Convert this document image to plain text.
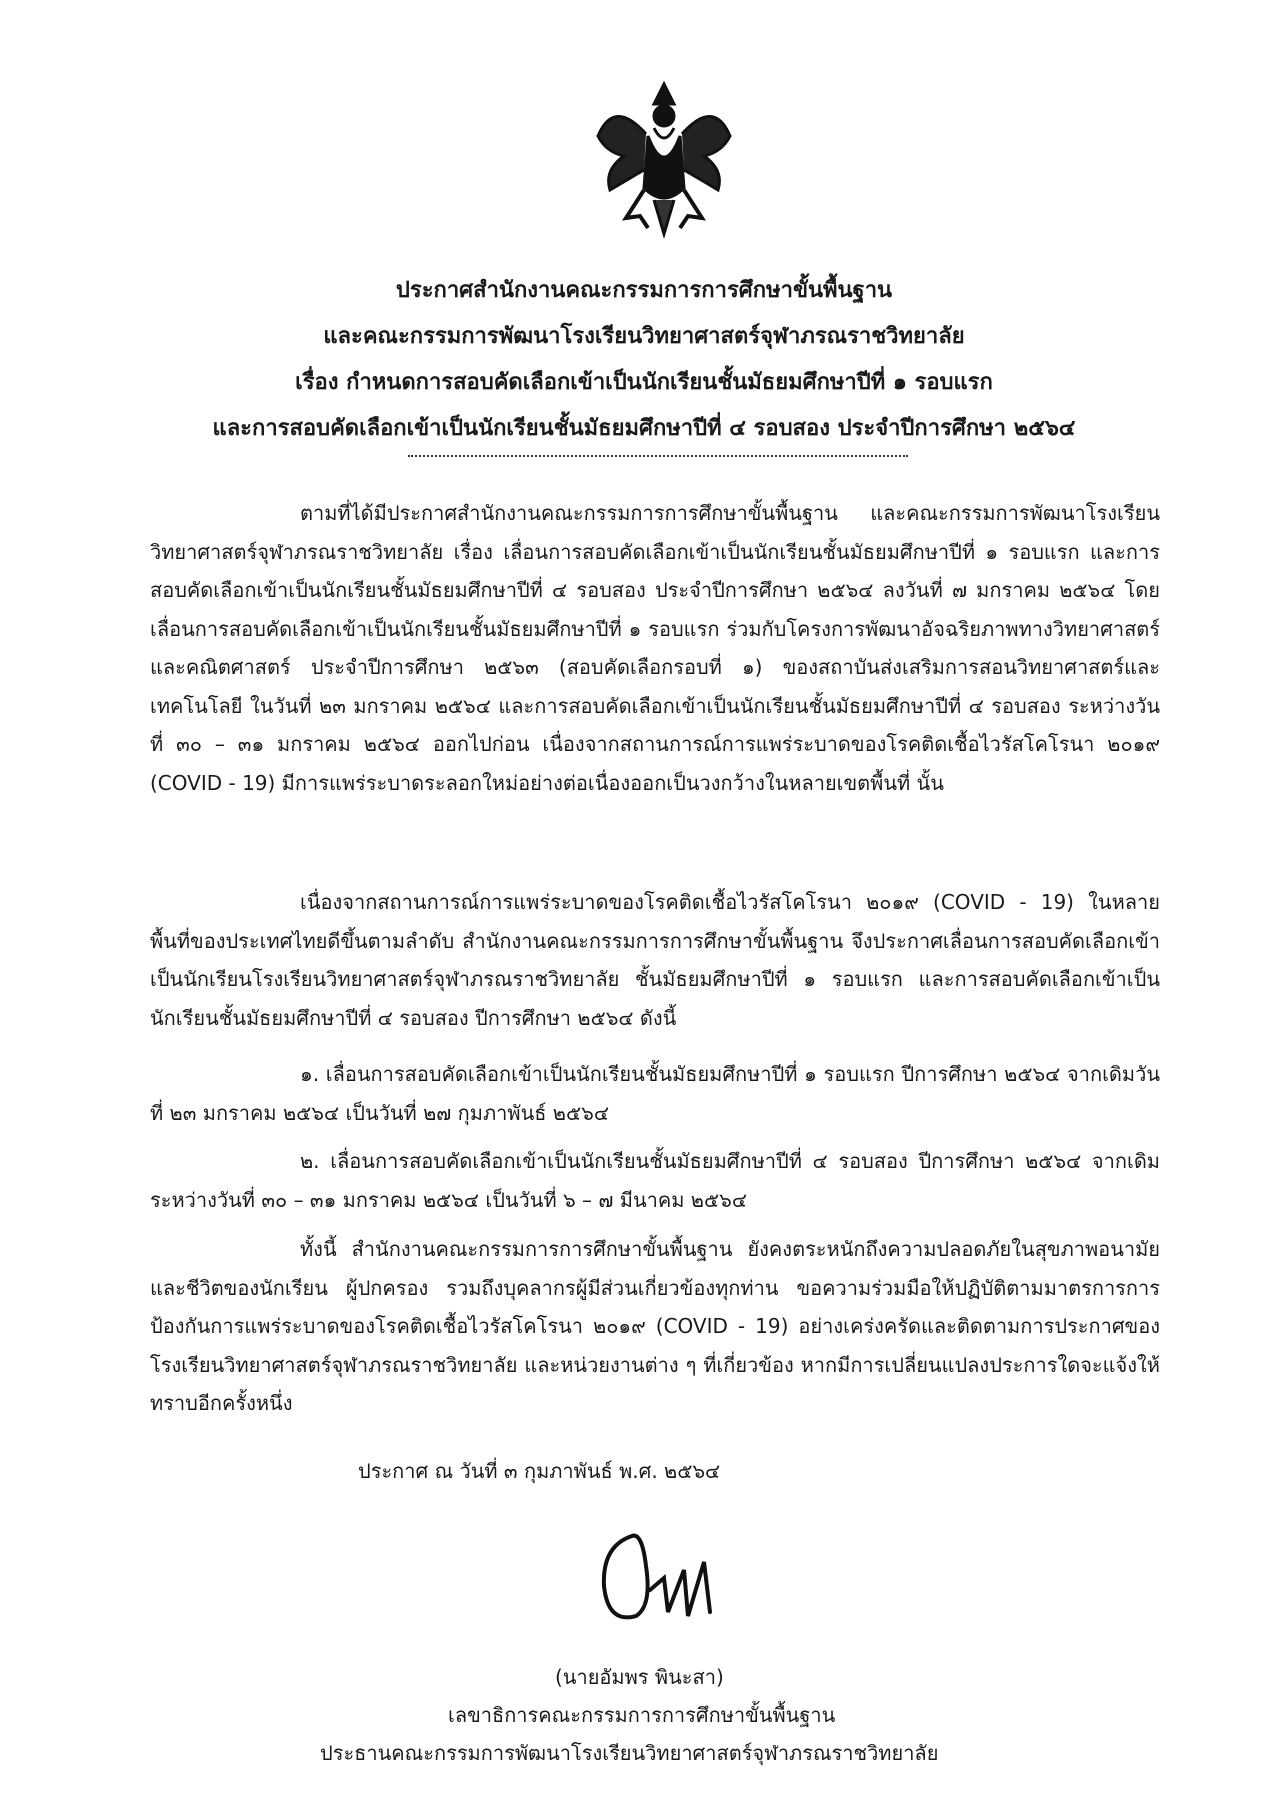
ประกาศสำนักงานคณะกรรมการการศึกษาขั้นพื้นฐาน
และคณะกรรมการพัฒนาโรงเรียนวิทยาศาสตร์จุฬาภรณราชวิทยาลัย
เรื่อง กำหนดการสอบคัดเลือกเข้าเป็นนักเรียนชั้นมัธยมศึกษาปีที่ ๑ รอบแรก
และการสอบคัดเลือกเข้าเป็นนักเรียนชั้นมัธยมศึกษาปีที่ ๔ รอบสอง ประจำปีการศึกษา ๒๕๖๔

ตามที่ได้มีประกาศสำนักงานคณะกรรมการการศึกษาขั้นพื้นฐาน และคณะกรรมการพัฒนาโรงเรียนวิทยาศาสตร์จุฬาภรณราชวิทยาลัย เรื่อง เลื่อนการสอบคัดเลือกเข้าเป็นนักเรียนชั้นมัธยมศึกษาปีที่ ๑ รอบแรก และการสอบคัดเลือกเข้าเป็นนักเรียนชั้นมัธยมศึกษาปีที่ ๔ รอบสอง ประจำปีการศึกษา ๒๕๖๔ ลงวันที่ ๗ มกราคม ๒๕๖๔ โดยเลื่อนการสอบคัดเลือกเข้าเป็นนักเรียนชั้นมัธยมศึกษาปีที่ ๑ รอบแรก ร่วมกับโครงการพัฒนาอัจฉริยภาพทางวิทยาศาสตร์และคณิตศาสตร์ ประจำปีการศึกษา ๒๕๖๓ (สอบคัดเลือกรอบที่ ๑) ของสถาบันส่งเสริมการสอนวิทยาศาสตร์และเทคโนโลยี ในวันที่ ๒๓ มกราคม ๒๕๖๔ และการสอบคัดเลือกเข้าเป็นนักเรียนชั้นมัธยมศึกษาปีที่ ๔ รอบสอง ระหว่างวันที่ ๓๐ – ๓๑ มกราคม ๒๕๖๔ ออกไปก่อน เนื่องจากสถานการณ์การแพร่ระบาดของโรคติดเชื้อไวรัสโคโรนา ๒๐๑๙ (COVID - 19) มีการแพร่ระบาดระลอกใหม่อย่างต่อเนื่องออกเป็นวงกว้างในหลายเขตพื้นที่ นั้น

เนื่องจากสถานการณ์การแพร่ระบาดของโรคติดเชื้อไวรัสโคโรนา ๒๐๑๙ (COVID - 19) ในหลายพื้นที่ของประเทศไทยดีขึ้นตามลำดับ สำนักงานคณะกรรมการการศึกษาขั้นพื้นฐาน จึงประกาศเลื่อนการสอบคัดเลือกเข้าเป็นนักเรียนโรงเรียนวิทยาศาสตร์จุฬาภรณราชวิทยาลัย ชั้นมัธยมศึกษาปีที่ ๑ รอบแรก และการสอบคัดเลือกเข้าเป็นนักเรียนชั้นมัธยมศึกษาปีที่ ๔ รอบสอง ปีการศึกษา ๒๕๖๔ ดังนี้

๑. เลื่อนการสอบคัดเลือกเข้าเป็นนักเรียนชั้นมัธยมศึกษาปีที่ ๑ รอบแรก ปีการศึกษา ๒๕๖๔ จากเดิมวันที่ ๒๓ มกราคม ๒๕๖๔ เป็นวันที่ ๒๗ กุมภาพันธ์ ๒๕๖๔

๒. เลื่อนการสอบคัดเลือกเข้าเป็นนักเรียนชั้นมัธยมศึกษาปีที่ ๔ รอบสอง ปีการศึกษา ๒๕๖๔ จากเดิมระหว่างวันที่ ๓๐ – ๓๑ มกราคม ๒๕๖๔ เป็นวันที่ ๖ – ๗ มีนาคม ๒๕๖๔

ทั้งนี้ สำนักงานคณะกรรมการการศึกษาขั้นพื้นฐาน ยังคงตระหนักถึงความปลอดภัยในสุขภาพอนามัยและชีวิตของนักเรียน ผู้ปกครอง รวมถึงบุคลากรผู้มีส่วนเกี่ยวข้องทุกท่าน ขอความร่วมมือให้ปฏิบัติตามมาตรการการป้องกันการแพร่ระบาดของโรคติดเชื้อไวรัสโคโรนา ๒๐๑๙ (COVID - 19) อย่างเคร่งครัดและติดตามการประกาศของโรงเรียนวิทยาศาสตร์จุฬาภรณราชวิทยาลัย และหน่วยงานต่าง ๆ ที่เกี่ยวข้อง หากมีการเปลี่ยนแปลงประการใดจะแจ้งให้ทราบอีกครั้งหนึ่ง

ประกาศ ณ วันที่ ๓ กุมภาพันธ์ พ.ศ. ๒๕๖๔
(นายอัมพร พินะสา)
เลขาธิการคณะกรรมการการศึกษาขั้นพื้นฐาน
ประธานคณะกรรมการพัฒนาโรงเรียนวิทยาศาสตร์จุฬาภรณราชวิทยาลัย
